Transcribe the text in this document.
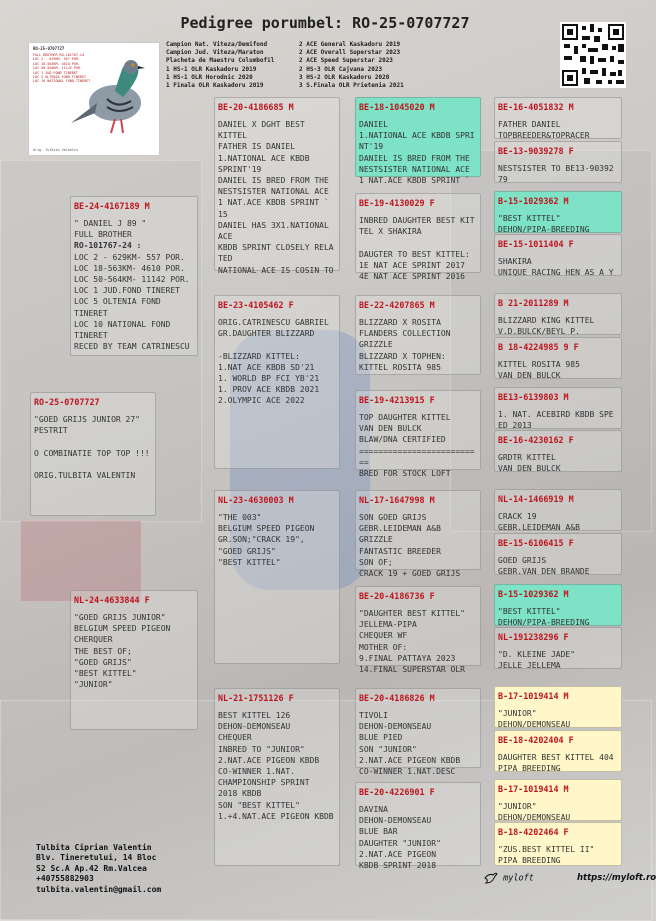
Pedigree porumbel: RO-25-0707727
RO-25-0707727
FULL BROTHER RO-101767-24
LOC 2 - 629KM- 557 POR.
LOC 18-563KM- 4610 POR.
LOC 50-564KM- 11142 POR.
LOC 1 JUD.FOND TINERET
LOC 5 OLTENIA FOND TINERET
LOC 10 NATIONAL FOND TINERET
Orig. Tulbita Valentin
Campion Nat. Viteza/Demifond
Campion Jud. Viteza/Maraton
Placheta de Maestru Columbofil
1 HS-1 OLR Kaskadoru 2019
1 HS-1 OLR Horodnic 2020
1 Finala OLR Kaskadoru 2019
2 ACE General Kaskadoru 2019
2 ACE Overall Superstar 2023
2 ACE Speed Superstar 2023
2 HS-3 OLR Cajvana 2023
3 HS-2 OLR Kaskadoru 2020
3 S.Finala OLR Prietenia 2021
RO-25-0707727
"GOED GRIJS JUNIOR 27"
PESTRIT

O COMBINATIE TOP TOP !!!

ORIG.TULBITA VALENTIN
BE-24-4167189 M
" DANIEL J 89 "
FULL BROTHER
RO-101767-24 :
LOC 2 - 629KM- 557 POR.
LOC 18-563KM- 4610 POR.
LOC 50-564KM- 11142 POR.
LOC 1 JUD.FOND TINERET
LOC 5 OLTENIA FOND
TINERET
LOC 10 NATIONAL FOND
TINERET
RECED BY TEAM CATRINESCU
NL-24-4633844 F
"GOED GRIJS JUNIOR"
BELGIUM SPEED PIGEON
CHERQUER
THE BEST OF;
"GOED GRIJS"
"BEST KITTEL"
"JUNIOR"
BE-20-4186685 M
DANIEL X DGHT BEST
KITTEL
FATHER IS DANIEL
1.NATIONAL ACE KBDB
SPRINT'19
DANIEL IS BRED FROM THE
NESTSISTER NATIONAL ACE
1 NAT.ACE KBDB SPRINT `
15
DANIEL HAS 3X1.NATIONAL
ACE
KBDB SPRINT CLOSELY RELA
TED
NATIONAL ACE IS COSIN TO
BE-23-4105462 F
ORIG.CATRINESCU GABRIEL
GR.DAUGHTER BLIZZARD

-BLIZZARD KITTEL:
1.NAT ACE KBDB SD'21
1. WORLD BP FCI YB'21
1. PROV ACE KBDB 2021
2.OLYMPIC ACE 2022
NL-23-4630003 M
"THE 003"
BELGIUM SPEED PIGEON
GR.SON;"CRACK 19",
"GOED GRIJS"
"BEST KITTEL"
NL-21-1751126 F
BEST KITTEL 126
DEHON-DEMONSEAU
CHEQUER
INBRED TO "JUNIOR"
2.NAT.ACE PIGEON KBDB
CO-WINNER 1.NAT.
CHAMPIONSHIP SPRINT
2018 KBDB
SON "BEST KITTEL"
1.+4.NAT.ACE PIGEON KBDB
BE-18-1045020 M
DANIEL
1.NATIONAL ACE KBDB SPRI
NT'19
DANIEL IS BRED FROM THE
NESTSISTER NATIONAL ACE
1 NAT.ACE KBDB SPRINT `
BE-19-4130029 F
INBRED DAUGHTER BEST KIT
TEL X SHAKIRA

DAUGTER TO BEST KITTEL:
1E NAT ACE SPRINT 2017
4E NAT ACE SPRINT 2016
BE-22-4207865 M
BLIZZARD X ROSITA
FLANDERS COLLECTION
GRIZZLE
BLIZZARD X TOPHEN:
KITTEL ROSITA 985
BE-19-4213915 F
TOP DAUGHTER KITTEL
VAN DEN BULCK
BLAW/DNA CERTIFIED
========================
==
BRED FOR STOCK LOFT
NL-17-1647998 M
SON GOED GRIJS
GEBR.LEIDEMAN A&B
GRIZZLE
FANTASTIC BREEDER
SON OF;
CRACK 19 + GOED GRIJS
BE-20-4186736 F
"DAUGHTER BEST KITTEL"
JELLEMA-PIPA
CHEQUER WF
MOTHER OF:
9.FINAL PATTAYA 2023
14.FINAL SUPERSTAR OLR
BE-20-4186826 M
TIVOLI
DEHON-DEMONSEAU
BLUE PIED
SON "JUNIOR"
2.NAT.ACE PIGEON KBDB
CO-WINNER 1.NAT.DESC
BE-20-4226901 F
DAVINA
DEHON-DEMONSEAU
BLUE BAR
DAUGHTER "JUNIOR"
2.NAT.ACE PIGEON
KBDB SPRINT 2018
BE-16-4051832 M
FATHER DANIEL
TOPBREEDER&TOPRACER
BE-13-9039278 F
NESTSISTER TO BE13-90392
79
B-15-1029362 M
"BEST KITTEL"
DEHON/PIPA-BREEDING
BE-15-1011404 F
SHAKIRA
UNIQUE RACING HEN AS A Y
B 21-2011289 M
BLIZZARD KING KITTEL
V.D.BULCK/BEYL P.
B 18-4224985 9 F
KITTEL ROSITA 985
VAN DEN BULCK
BE13-6139803 M
1. NAT. ACEBIRD KBDB SPE
ED 2013
BE-16-4230162 F
GRDTR KITTEL
VAN DEN BULCK
NL-14-1466919 M
CRACK 19
GEBR.LEIDEMAN A&B
BE-15-6106415 F
GOED GRIJS
GEBR.VAN DEN BRANDE
B-15-1029362 M
"BEST KITTEL"
DEHON/PIPA-BREEDING
NL-191238296 F
"D. KLEINE JADE"
JELLE JELLEMA
B-17-1019414 M
"JUNIOR"
DEHON/DEMONSEAU
BE-18-4202404 F
DAUGHTER BEST KITTEL 404
PIPA BREEDING
B-17-1019414 M
"JUNIOR"
DEHON/DEMONSEAU
B-18-4202464 F
"ZUS.BEST KITTEL II"
PIPA BREEDING
Tulbita Ciprian Valentin
Blv. Tineretului, 14 Bloc
S2 Sc.A Ap.42 Rm.Valcea
+40755882903
tulbita.valentin@gmail.com
myloft	https://myloft.ro
